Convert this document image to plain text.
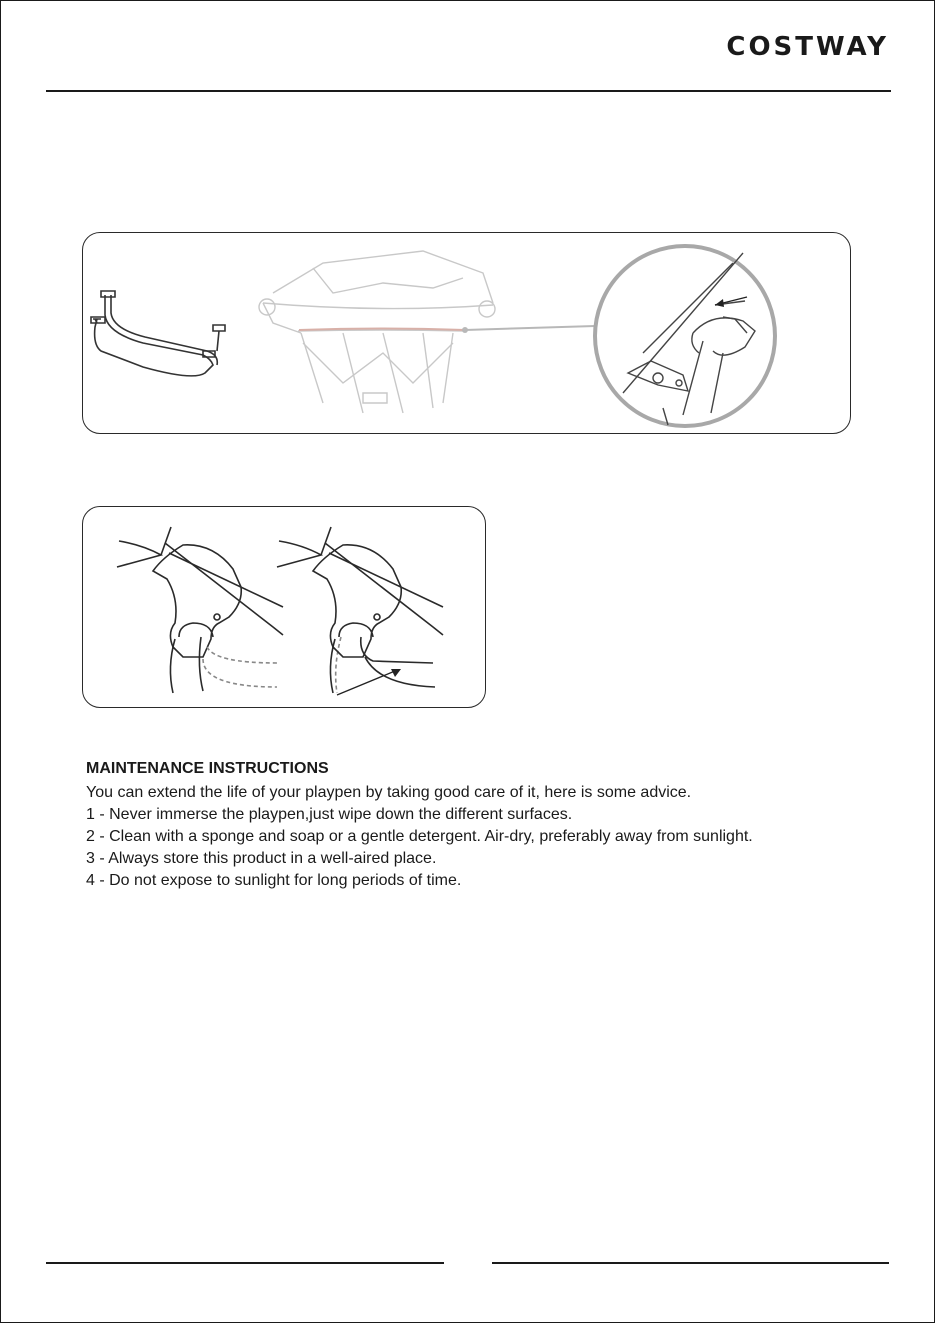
COSTWAY
MAINTENANCE INSTRUCTIONS

You can extend the life of your playpen by taking good care of it, here is some advice.

1 - Never immerse the playpen,just wipe down the different surfaces.
2 - Clean with a sponge and soap or a gentle detergent. Air-dry, preferably away from sunlight.
3 - Always store this product in a well-aired place.
4 - Do not expose to sunlight for long periods of time.
